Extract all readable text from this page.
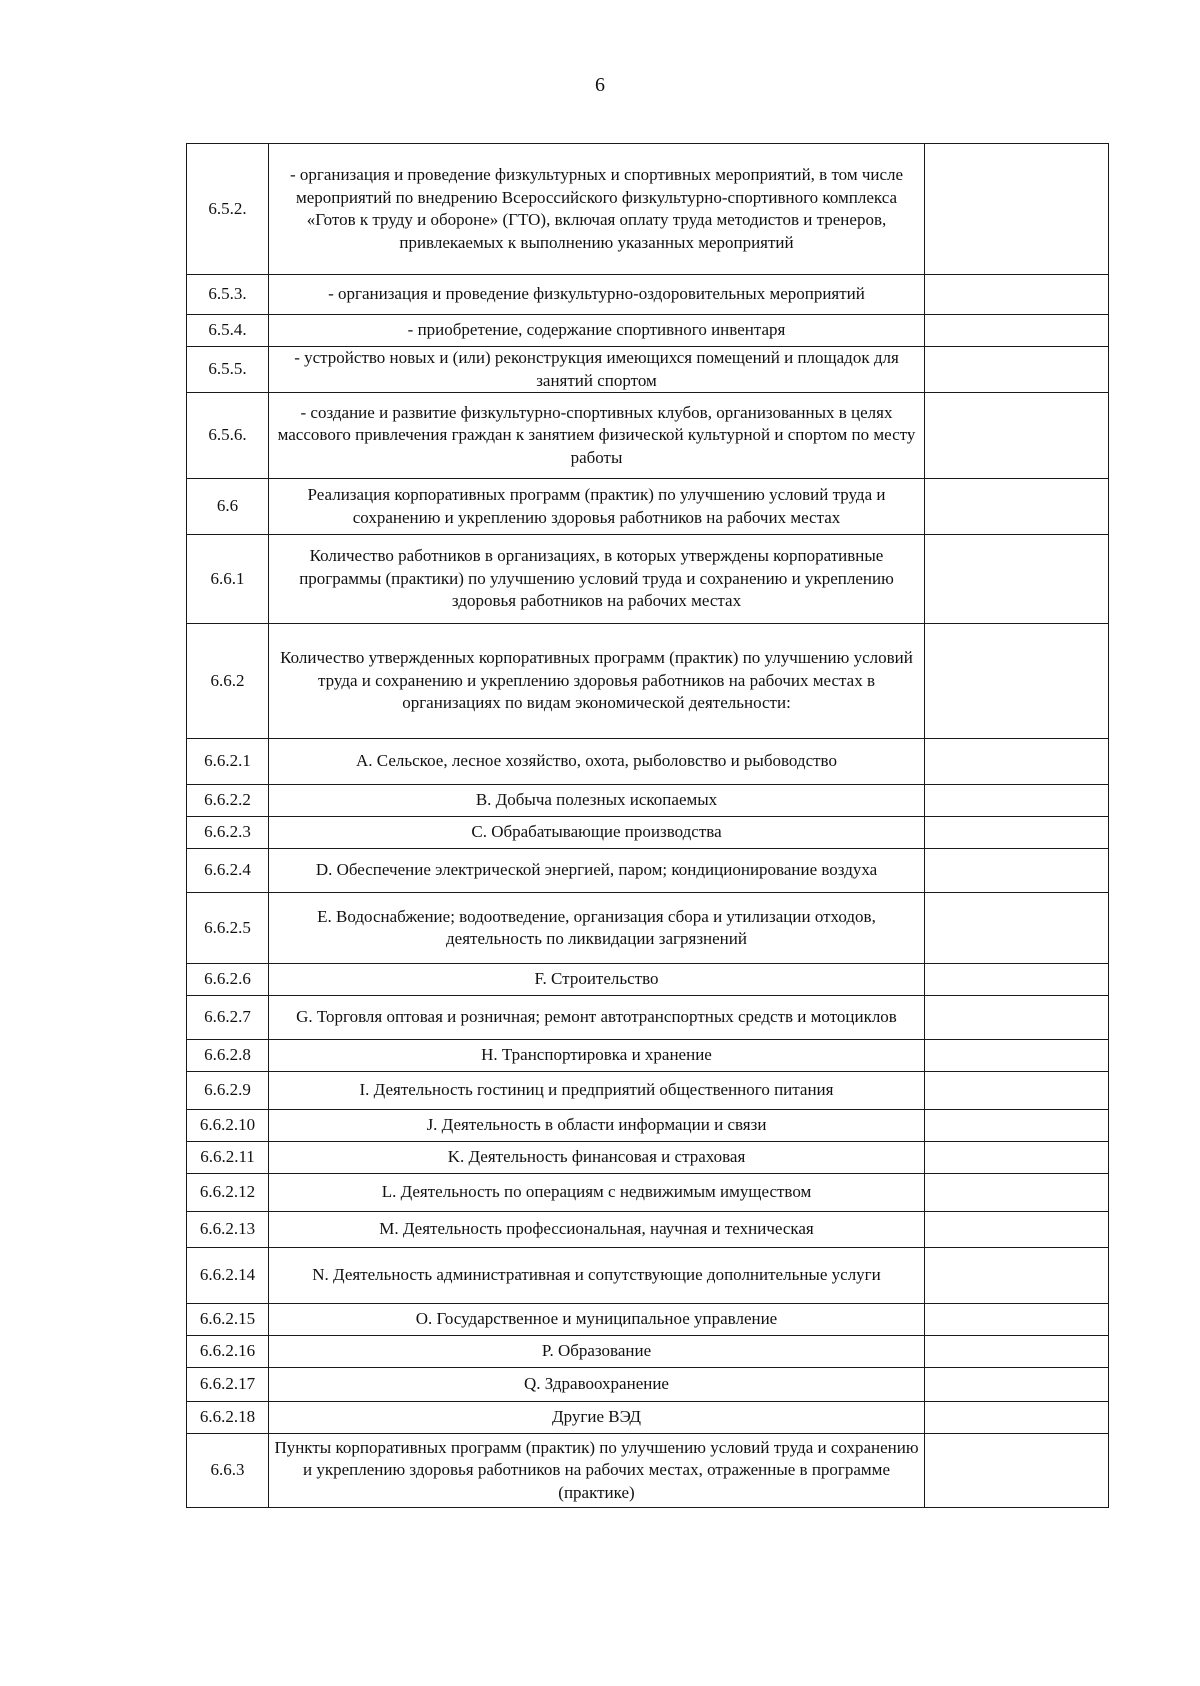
6
6.5.2.	- организация и проведение физкультурных и спортивных мероприятий, в том числе мероприятий по внедрению Всероссийского физкультурно-спортивного комплекса «Готов к труду и обороне» (ГТО), включая оплату труда методистов и тренеров, привлекаемых к выполнению указанных мероприятий	
6.5.3.	- организация и проведение физкультурно-оздоровительных мероприятий	
6.5.4.	- приобретение, содержание спортивного инвентаря	
6.5.5.	- устройство новых и (или) реконструкция имеющихся помещений и площадок для занятий спортом	
6.5.6.	- создание и развитие физкультурно-спортивных клубов, организованных в целях массового привлечения граждан к занятием физической культурной и спортом по месту работы	
6.6	Реализация корпоративных программ (практик) по улучшению условий труда и сохранению и укреплению здоровья работников на рабочих местах	
6.6.1	Количество работников в организациях, в которых утверждены корпоративные программы (практики) по улучшению условий труда и сохранению и укреплению здоровья работников на рабочих местах	
6.6.2	Количество утвержденных корпоративных программ (практик) по улучшению условий труда и сохранению и укреплению здоровья работников на рабочих местах в организациях по видам экономической деятельности:	
6.6.2.1	A. Сельское, лесное хозяйство, охота, рыболовство и рыбоводство	
6.6.2.2	B. Добыча полезных ископаемых	
6.6.2.3	C. Обрабатывающие производства	
6.6.2.4	D. Обеспечение электрической энергией, паром; кондиционирование воздуха	
6.6.2.5	E. Водоснабжение; водоотведение, организация сбора и утилизации отходов, деятельность по ликвидации загрязнений	
6.6.2.6	F. Строительство	
6.6.2.7	G. Торговля оптовая и розничная; ремонт автотранспортных средств и мотоциклов	
6.6.2.8	H. Транспортировка и хранение	
6.6.2.9	I. Деятельность гостиниц и предприятий общественного питания	
6.6.2.10	J. Деятельность в области информации и связи	
6.6.2.11	K. Деятельность финансовая и страховая	
6.6.2.12	L. Деятельность по операциям с недвижимым имуществом	
6.6.2.13	M. Деятельность профессиональная, научная и техническая	
6.6.2.14	N. Деятельность административная и сопутствующие дополнительные услуги	
6.6.2.15	O. Государственное и муниципальное управление	
6.6.2.16	P. Образование	
6.6.2.17	Q. Здравоохранение	
6.6.2.18	Другие ВЭД	
6.6.3	Пункты корпоративных программ (практик) по улучшению условий труда и сохранению и укреплению здоровья работников на рабочих местах, отраженные в программе (практике)	
